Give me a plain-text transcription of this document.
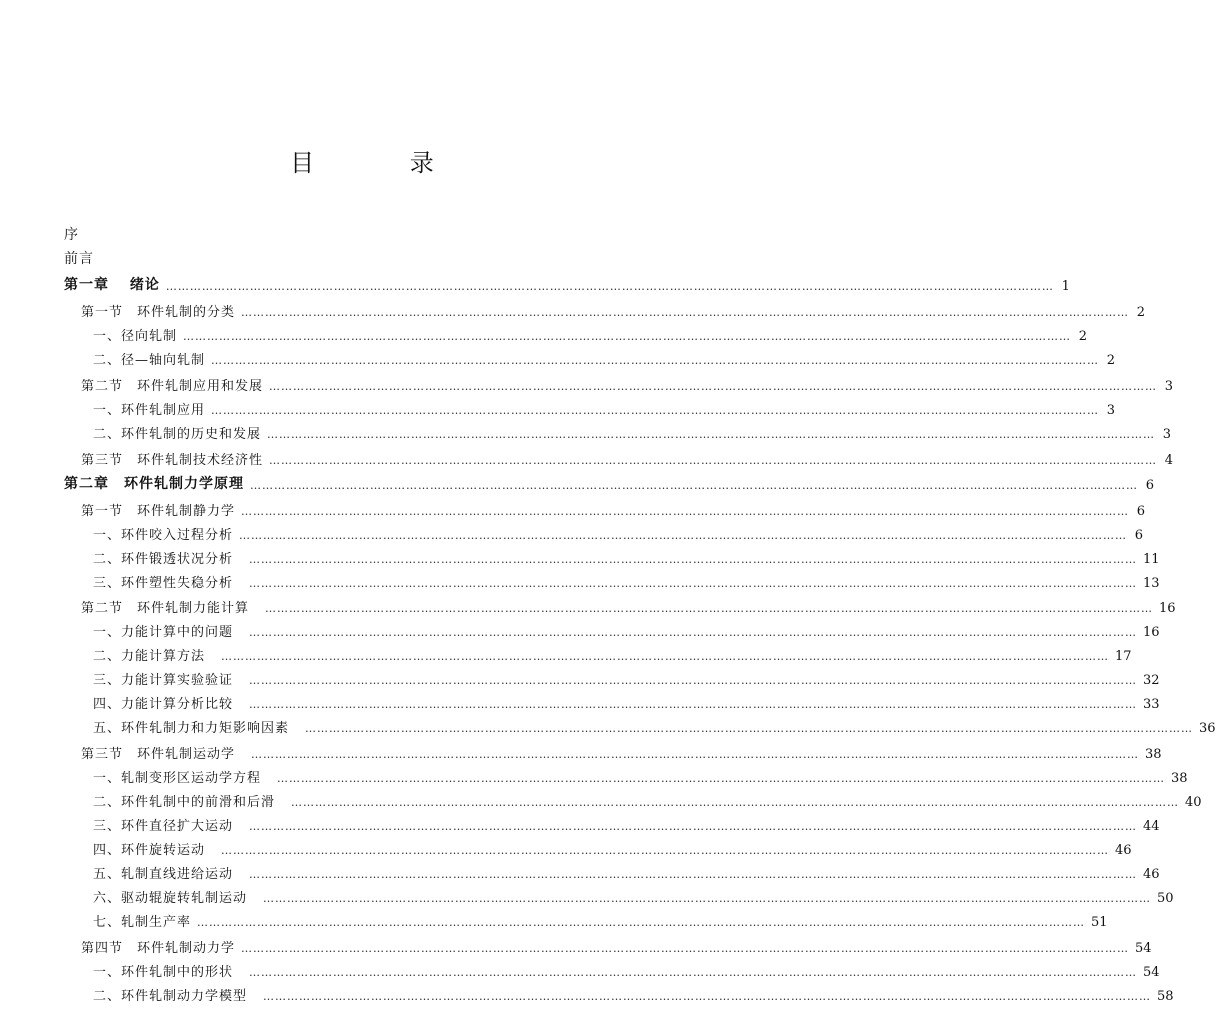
目 录
序
前言
第一章　 绪论 …………………………………………………………………………………………………………………………………………………………………………………………………… 1
第一节　环件轧制的分类 …………………………………………………………………………………………………………………………………………………………………………………………………… 2
一、径向轧制 …………………………………………………………………………………………………………………………………………………………………………………………………… 2
二、径—轴向轧制 …………………………………………………………………………………………………………………………………………………………………………………………………… 2
第二节　环件轧制应用和发展 …………………………………………………………………………………………………………………………………………………………………………………………………… 3
一、环件轧制应用 …………………………………………………………………………………………………………………………………………………………………………………………………… 3
二、环件轧制的历史和发展 …………………………………………………………………………………………………………………………………………………………………………………………………… 3
第三节　环件轧制技术经济性 …………………………………………………………………………………………………………………………………………………………………………………………………… 4
第二章　环件轧制力学原理 …………………………………………………………………………………………………………………………………………………………………………………………………… 6
第一节　环件轧制静力学 …………………………………………………………………………………………………………………………………………………………………………………………………… 6
一、环件咬入过程分析 …………………………………………………………………………………………………………………………………………………………………………………………………… 6
二、环件锻透状况分析 …………………………………………………………………………………………………………………………………………………………………………………………………… 11
三、环件塑性失稳分析 …………………………………………………………………………………………………………………………………………………………………………………………………… 13
第二节　环件轧制力能计算 …………………………………………………………………………………………………………………………………………………………………………………………………… 16
一、力能计算中的问题 …………………………………………………………………………………………………………………………………………………………………………………………………… 16
二、力能计算方法 …………………………………………………………………………………………………………………………………………………………………………………………………… 17
三、力能计算实验验证 …………………………………………………………………………………………………………………………………………………………………………………………………… 32
四、力能计算分析比较 …………………………………………………………………………………………………………………………………………………………………………………………………… 33
五、环件轧制力和力矩影响因素 …………………………………………………………………………………………………………………………………………………………………………………………………… 36
第三节　环件轧制运动学 …………………………………………………………………………………………………………………………………………………………………………………………………… 38
一、轧制变形区运动学方程 …………………………………………………………………………………………………………………………………………………………………………………………………… 38
二、环件轧制中的前滑和后滑 …………………………………………………………………………………………………………………………………………………………………………………………………… 40
三、环件直径扩大运动 …………………………………………………………………………………………………………………………………………………………………………………………………… 44
四、环件旋转运动 …………………………………………………………………………………………………………………………………………………………………………………………………… 46
五、轧制直线进给运动 …………………………………………………………………………………………………………………………………………………………………………………………………… 46
六、驱动辊旋转轧制运动 …………………………………………………………………………………………………………………………………………………………………………………………………… 50
七、轧制生产率 …………………………………………………………………………………………………………………………………………………………………………………………………… 51
第四节　环件轧制动力学 …………………………………………………………………………………………………………………………………………………………………………………………………… 54
一、环件轧制中的形状 …………………………………………………………………………………………………………………………………………………………………………………………………… 54
二、环件轧制动力学模型 …………………………………………………………………………………………………………………………………………………………………………………………………… 58
